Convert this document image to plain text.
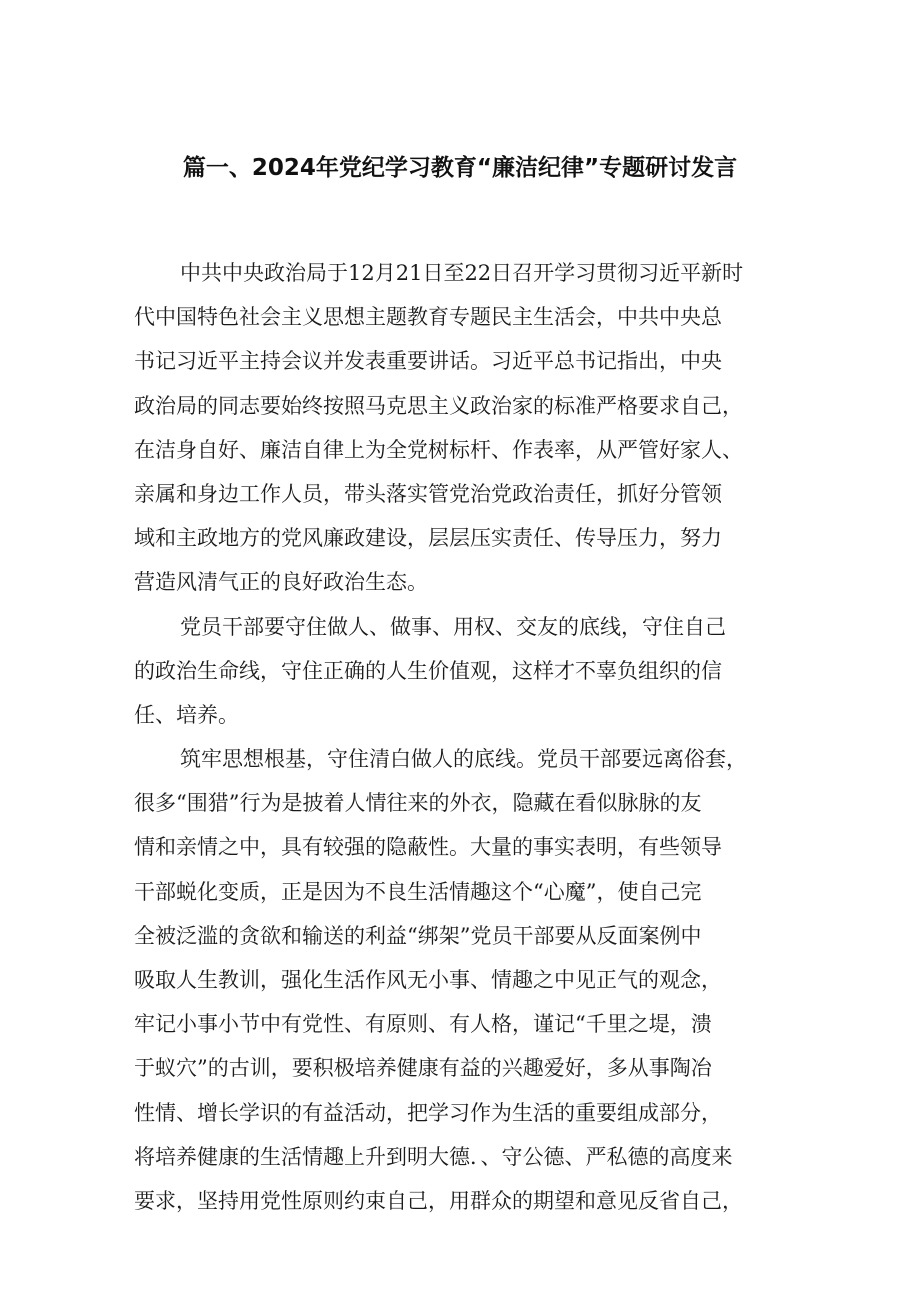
篇一、2024年党纪学习教育“廉洁纪律”专题研讨发言
中共中央政治局于12月21日至22日召开学习贯彻习近平新时
代中国特色社会主义思想主题教育专题民主生活会，中共中央总
书记习近平主持会议并发表重要讲话。习近平总书记指出，中央
政治局的同志要始终按照马克思主义政治家的标准严格要求自己，
在洁身自好、廉洁自律上为全党树标杆、作表率，从严管好家人、
亲属和身边工作人员，带头落实管党治党政治责任，抓好分管领
域和主政地方的党风廉政建设，层层压实责任、传导压力，努力
营造风清气正的良好政治生态。
党员干部要守住做人、做事、用权、交友的底线，守住自己
的政治生命线，守住正确的人生价值观，这样才不辜负组织的信
任、培养。
筑牢思想根基，守住清白做人的底线。党员干部要远离俗套，
很多“围猎”行为是披着人情往来的外衣，隐藏在看似脉脉的友
情和亲情之中，具有较强的隐蔽性。大量的事实表明，有些领导
干部蜕化变质，正是因为不良生活情趣这个“心魔”，使自己完
全被泛滥的贪欲和输送的利益“绑架”党员干部要从反面案例中
吸取人生教训，强化生活作风无小事、情趣之中见正气的观念，
牢记小事小节中有党性、有原则、有人格，谨记“千里之堤，溃
于蚁穴”的古训，要积极培养健康有益的兴趣爱好，多从事陶冶
性情、增长学识的有益活动，把学习作为生活的重要组成部分，
将培养健康的生活情趣上升到明大德．、守公德、严私德的高度来
要求，坚持用党性原则约束自己，用群众的期望和意见反省自己，
